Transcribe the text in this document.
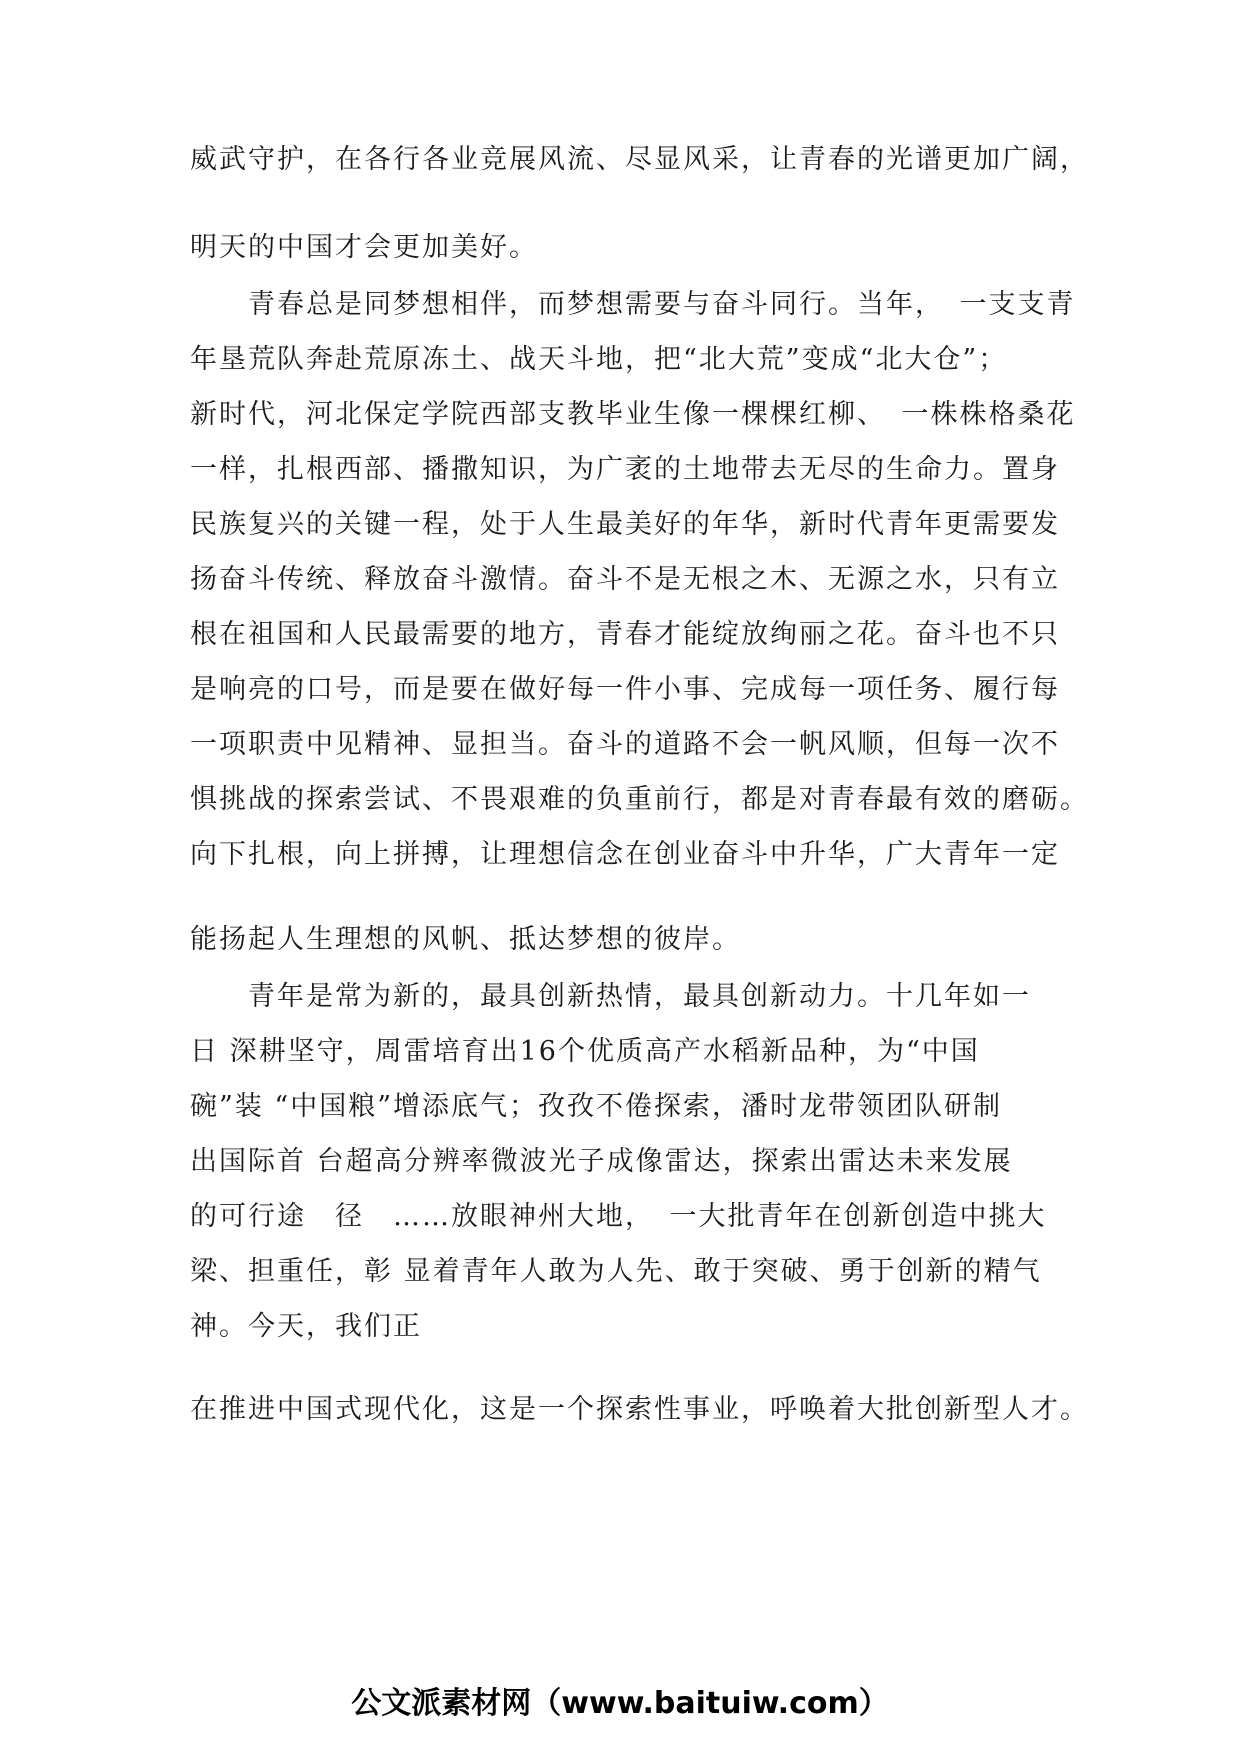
威武守护，在各行各业竞展风流、尽显风采，让青春的光谱更加广阔，
明天的中国才会更加美好。
　　青春总是同梦想相伴，而梦想需要与奋斗同行。当年，　一支支青
年垦荒队奔赴荒原冻土、战天斗地，把“北大荒”变成“北大仓”；
新时代，河北保定学院西部支教毕业生像一棵棵红柳、　一株株格桑花
一样，扎根西部、播撒知识，为广袤的土地带去无尽的生命力。置身
民族复兴的关键一程，处于人生最美好的年华，新时代青年更需要发
扬奋斗传统、释放奋斗激情。奋斗不是无根之木、无源之水，只有立
根在祖国和人民最需要的地方，青春才能绽放绚丽之花。奋斗也不只
是响亮的口号，而是要在做好每一件小事、完成每一项任务、履行每
一项职责中见精神、显担当。奋斗的道路不会一帆风顺，但每一次不
惧挑战的探索尝试、不畏艰难的负重前行，都是对青春最有效的磨砺。
向下扎根，向上拼搏，让理想信念在创业奋斗中升华，广大青年一定
能扬起人生理想的风帆、抵达梦想的彼岸。
　　青年是常为新的，最具创新热情，最具创新动力。十几年如一
日 深耕坚守，周雷培育出16个优质高产水稻新品种，为“中国
碗”装 “中国粮”增添底气；孜孜不倦探索，潘时龙带领团队研制
出国际首 台超高分辨率微波光子成像雷达，探索出雷达未来发展
的可行途　径　……放眼神州大地，　一大批青年在创新创造中挑大
梁、担重任，彰 显着青年人敢为人先、敢于突破、勇于创新的精气
神。今天，我们正
在推进中国式现代化，这是一个探索性事业，呼唤着大批创新型人才。
公文派素材网（www.baituiw.com）
